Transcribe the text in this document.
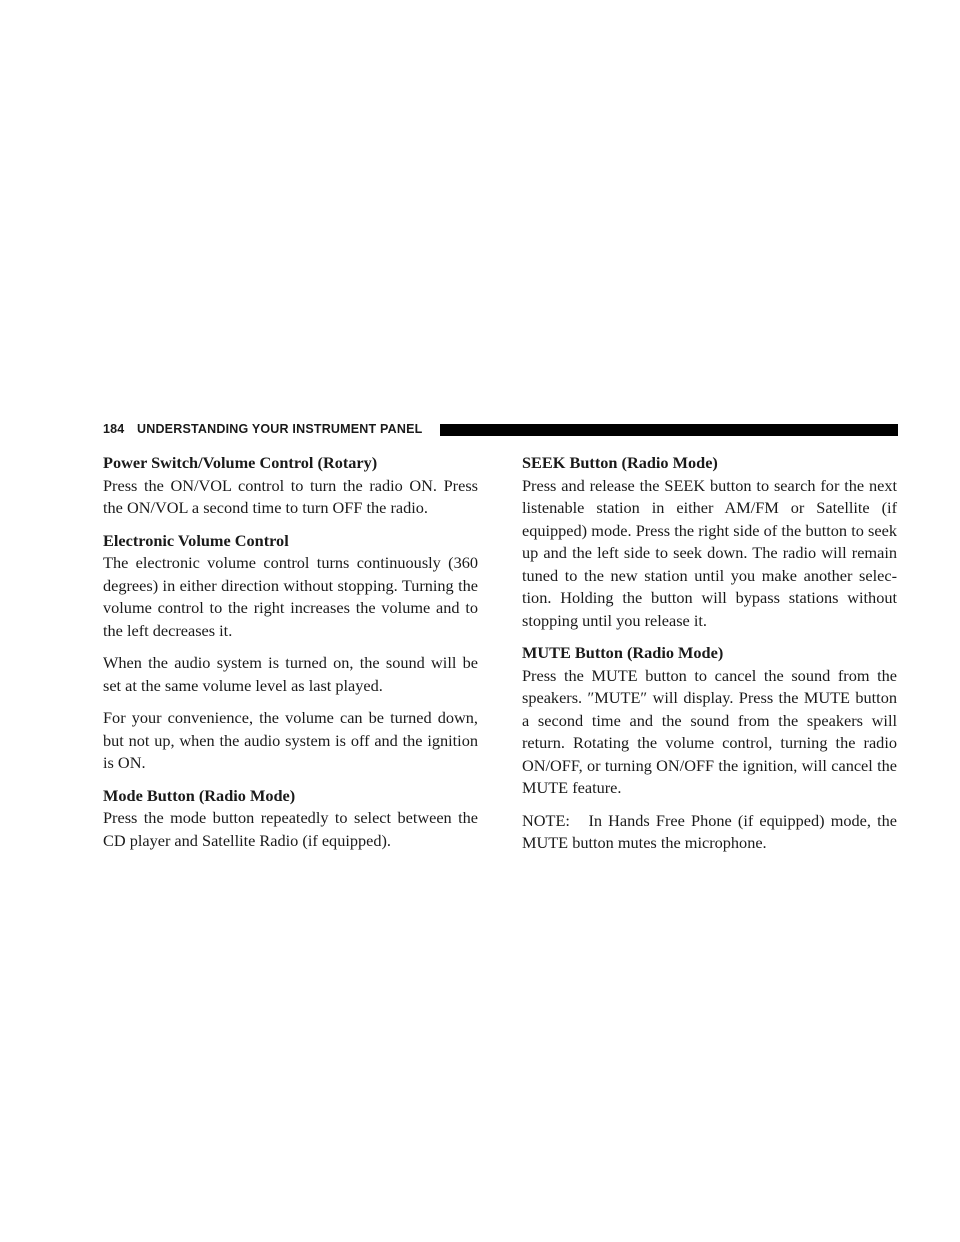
184 UNDERSTANDING YOUR INSTRUMENT PANEL

Power Switch/Volume Control (Rotary)

Press the ON/VOL control to turn the radio ON. Press the ON/VOL a second time to turn OFF the radio.

Electronic Volume Control

The electronic volume control turns continuously (360 degrees) in either direction without stopping. Turning the volume control to the right increases the volume and to the left decreases it.

When the audio system is turned on, the sound will be set at the same volume level as last played.

For your convenience, the volume can be turned down, but not up, when the audio system is off and the ignition is ON.

Mode Button (Radio Mode)

Press the mode button repeatedly to select between the CD player and Satellite Radio (if equipped).

SEEK Button (Radio Mode)

Press and release the SEEK button to search for the next listenable station in either AM/FM or Satellite (if equipped) mode. Press the right side of the button to seek up and the left side to seek down. The radio will remain tuned to the new station until you make another selec- tion. Holding the button will bypass stations without stopping until you release it.

MUTE Button (Radio Mode)

Press the MUTE button to cancel the sound from the speakers. ″MUTE″ will display. Press the MUTE button a second time and the sound from the speakers will return. Rotating the volume control, turning the radio ON/OFF, or turning ON/OFF the ignition, will cancel the MUTE feature.

NOTE: In Hands Free Phone (if equipped) mode, the MUTE button mutes the microphone.
